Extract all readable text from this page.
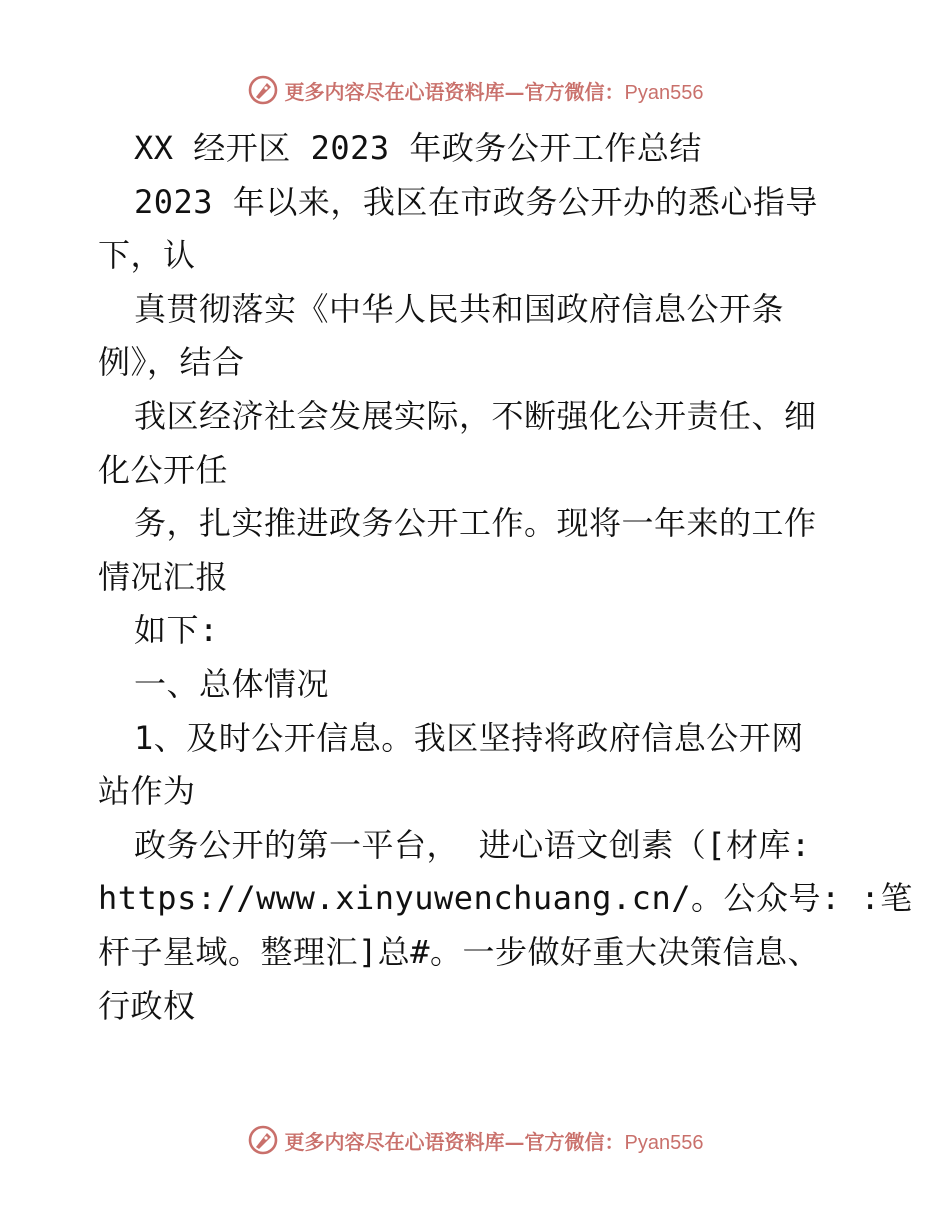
更多内容尽在心语资料库—官方微信：Pyan556
XX 经开区 2023 年政务公开工作总结
2023 年以来，我区在市政务公开办的悉心指导
下，认
真贯彻落实《中华人民共和国政府信息公开条
例》，结合
我区经济社会发展实际，不断强化公开责任、细
化公开任
务，扎实推进政务公开工作。现将一年来的工作
情况汇报
如下:
一、总体情况
1、及时公开信息。我区坚持将政府信息公开网
站作为
政务公开的第一平台， 进心语文创素（[材库:
https://www.xinyuwenchuang.cn/。公众号: :笔
杆子星域。整理汇]总#。一步做好重大决策信息、
行政权
更多内容尽在心语资料库—官方微信：Pyan556
